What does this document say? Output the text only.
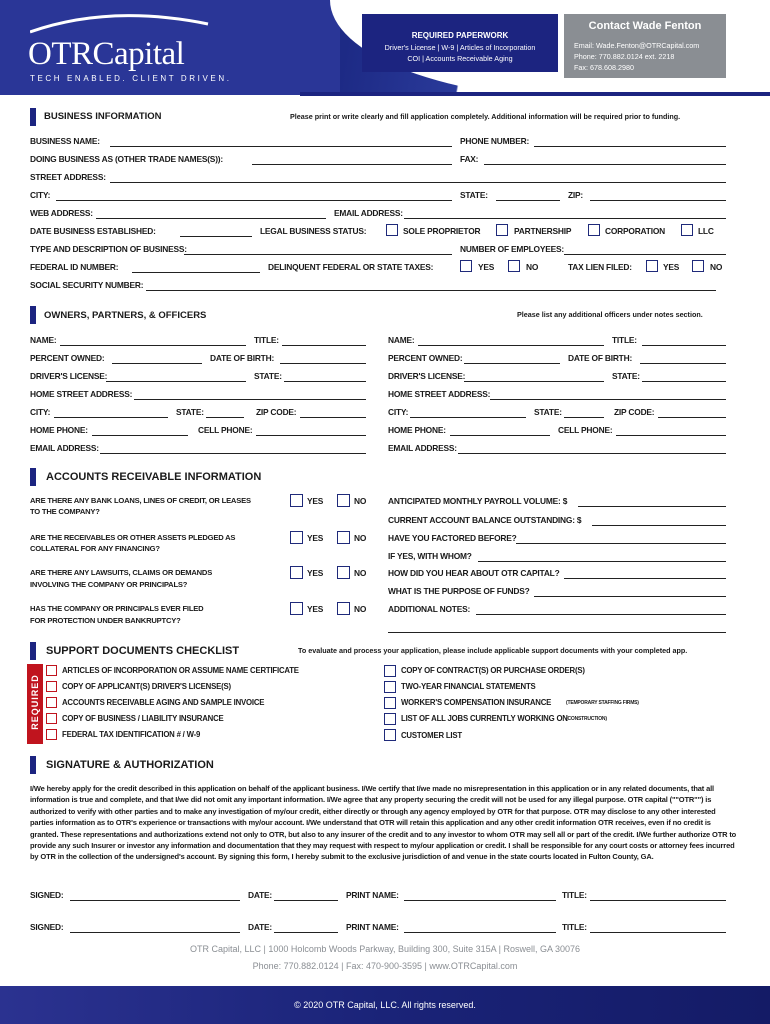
OTRCapital
TECH ENABLED. CLIENT DRIVEN.
REQUIRED PAPERWORK
Driver's License | W-9 | Articles of Incorporation
COI | Accounts Receivable Aging
Contact Wade Fenton
Email: Wade.Fenton@OTRCapital.com
Phone: 770.882.0124 ext. 2218
Fax: 678.608.2980
BUSINESS INFORMATION	Please print or write clearly and fill application completely. Additional information will be required prior to funding.
BUSINESS NAME:	PHONE NUMBER:
DOING BUSINESS AS (OTHER TRADE NAMES(S)):	FAX:
STREET ADDRESS:
CITY:	STATE:	ZIP:
WEB ADDRESS:	EMAIL ADDRESS:
DATE BUSINESS ESTABLISHED:	LEGAL BUSINESS STATUS:	SOLE PROPRIETOR	PARTNERSHIP	CORPORATION	LLC
TYPE AND DESCRIPTION OF BUSINESS:	NUMBER OF EMPLOYEES:
FEDERAL ID NUMBER:	DELINQUENT FEDERAL OR STATE TAXES:	YES	NO	TAX LIEN FILED:	YES	NO
SOCIAL SECURITY NUMBER:
OWNERS, PARTNERS, & OFFICERS	Please list any additional officers under notes section.
NAME:	TITLE:
PERCENT OWNED:	DATE OF BIRTH:
DRIVER'S LICENSE:	STATE:
HOME STREET ADDRESS:
CITY:	STATE:	ZIP CODE:
HOME PHONE:	CELL PHONE:
EMAIL ADDRESS:
NAME:	TITLE:
PERCENT OWNED:	DATE OF BIRTH:
DRIVER'S LICENSE:	STATE:
HOME STREET ADDRESS:
CITY:	STATE:	ZIP CODE:
HOME PHONE:	CELL PHONE:
EMAIL ADDRESS:
ACCOUNTS RECEIVABLE INFORMATION
ARE THERE ANY BANK LOANS, LINES OF CREDIT, OR LEASES
TO THE COMPANY?
YES	NO
ARE THE RECEIVABLES OR OTHER ASSETS PLEDGED AS
COLLATERAL FOR ANY FINANCING?
YES	NO
ARE THERE ANY LAWSUITS, CLAIMS OR DEMANDS
INVOLVING THE COMPANY OR PRINCIPALS?
YES	NO
HAS THE COMPANY OR PRINCIPALS EVER FILED
FOR PROTECTION UNDER BANKRUPTCY?
YES	NO
ANTICIPATED MONTHLY PAYROLL VOLUME: $
CURRENT ACCOUNT BALANCE OUTSTANDING: $
HAVE YOU FACTORED BEFORE?
IF YES, WITH WHOM?
HOW DID YOU HEAR ABOUT OTR CAPITAL?
WHAT IS THE PURPOSE OF FUNDS?
ADDITIONAL NOTES:
SUPPORT DOCUMENTS CHECKLIST	To evaluate and process your application, please include applicable support documents with your completed app.
REQUIRED
ARTICLES OF INCORPORATION OR ASSUME NAME CERTIFICATE
COPY OF APPLICANT(S) DRIVER'S LICENSE(S)
ACCOUNTS RECEIVABLE AGING AND SAMPLE INVOICE
COPY OF BUSINESS / LIABILITY INSURANCE
FEDERAL TAX IDENTIFICATION # / W-9
COPY OF CONTRACT(S) OR PURCHASE ORDER(S)
TWO-YEAR FINANCIAL STATEMENTS
WORKER'S COMPENSATION INSURANCE	(TEMPORARY STAFFING FIRMS)
LIST OF ALL JOBS CURRENTLY WORKING ON
(CONSTRUCTION)
CUSTOMER LIST
SIGNATURE & AUTHORIZATION
I/We hereby apply for the credit described in this application on behalf of the applicant business. I/We certify that I/we made no misrepresentation in this application or in any related documents, that all information is true and complete, and that I/we did not omit any important information. I/We agree that any property securing the credit will not be used for any illegal purpose. OTR capital (""OTR"") is authorized to verify with other parties and to make any investigation of my/our credit, either directly or through any agency employed by OTR for that purpose. OTR may disclose to any other interested parties information as to OTR's experience or transactions with my/our account. I/We understand that OTR will retain this application and any other credit information OTR receives, even if no credit is granted. These representations and authorizations extend not only to OTR, but also to any insurer of the credit and to any investor to whom OTR may sell all or part of the credit. I/We further authorize OTR to provide any such Insurer or investor any information and documentation that they may request with respect to my/our application or credit. I shall be responsible for any court costs or attorney fees incurred by OTR in the collection of the undersigned's account. By signing this form, I hereby submit to the exclusive jurisdiction of and venue in the state courts located in Fulton County, GA.
SIGNED:	DATE:	PRINT NAME:	TITLE:
SIGNED:	DATE:	PRINT NAME:	TITLE:
OTR Capital, LLC | 1000 Holcomb Woods Parkway, Building 300, Suite 315A | Roswell, GA 30076
Phone: 770.882.0124 | Fax: 470-900-3595 | www.OTRCapital.com
© 2020 OTR Capital, LLC. All rights reserved.
